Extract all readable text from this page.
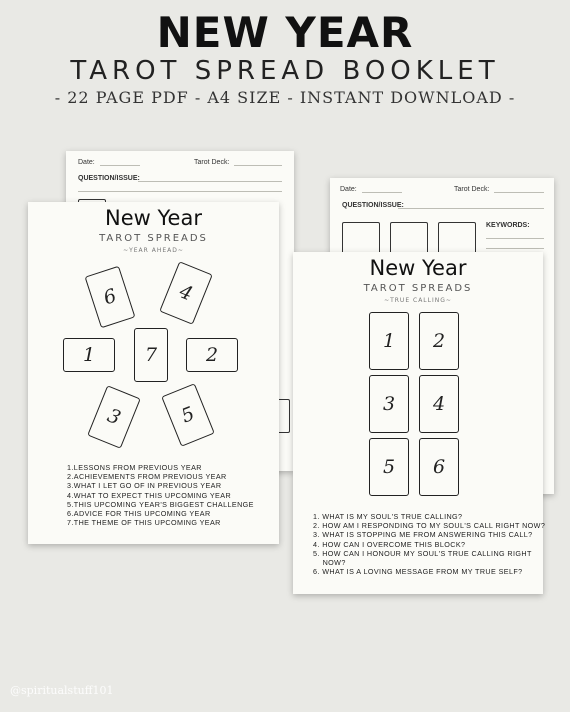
NEW YEAR
TAROT SPREAD BOOKLET
- 22 PAGE PDF - A4 SIZE - INSTANT DOWNLOAD -
Date:	Tarot Deck:
QUESTION/ISSUE:
Date:	Tarot Deck:
QUESTION/ISSUE:
KEYWORDS:
New Year
TAROT SPREADS
~YEAR AHEAD~
6	4
1	7	2
3	5
1.LESSONS FROM PREVIOUS YEAR
2.ACHIEVEMENTS FROM PREVIOUS YEAR
3.WHAT I LET GO OF IN PREVIOUS YEAR
4.WHAT TO EXPECT THIS UPCOMING YEAR
5.THIS UPCOMING YEAR'S BIGGEST CHALLENGE
6.ADVICE FOR THIS UPCOMING YEAR
7.THE THEME OF THIS UPCOMING YEAR
New Year
TAROT SPREADS
~TRUE CALLING~
1	2
3	4
5	6
1. WHAT IS MY SOUL'S TRUE CALLING?
2. HOW AM I RESPONDING TO MY SOUL'S CALL RIGHT NOW?
3. WHAT IS STOPPING ME FROM ANSWERING THIS CALL?
4. HOW CAN I OVERCOME THIS BLOCK?
5. HOW CAN I HONOUR MY SOUL'S TRUE CALLING RIGHT
NOW?
6. WHAT IS A LOVING MESSAGE FROM MY TRUE SELF?
@spiritualstuff101
